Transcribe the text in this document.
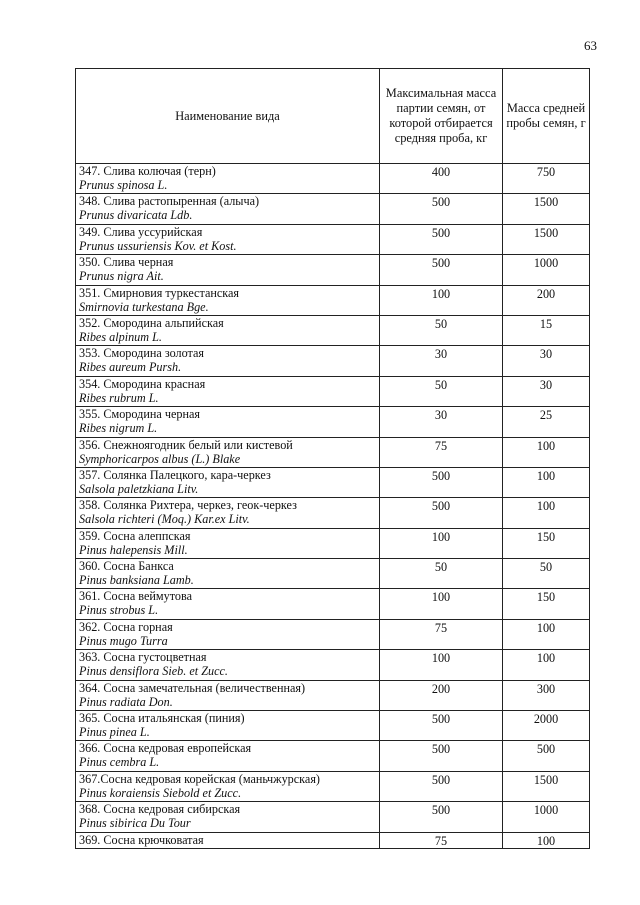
63
Наименование вида	Максимальная масса партии семян, от которой отбирается средняя проба, кг	Масса средней пробы семян, г

347. Слива колючая (терн)
Prunus spinosa L.	400	750

348. Слива растопыренная (алыча)
Prunus divaricata Ldb.	500	1500

349. Слива уссурийская
Prunus ussuriensis Kov. et Kost.	500	1500

350. Слива черная
Prunus nigra Ait.	500	1000

351. Смирновия туркестанская
Smirnovia turkestana Bge.	100	200

352. Смородина альпийская
Ribes alpinum L.	50	15

353. Смородина золотая
Ribes aureum Pursh.	30	30

354. Смородина красная
Ribes rubrum L.	50	30

355. Смородина черная
Ribes nigrum L.	30	25

356. Снежноягодник белый или кистевой
Symphoricarpos albus (L.) Blake	75	100

357. Солянка Палецкого, кара-черкез
Salsola paletzkiana Litv.	500	100

358. Солянка Рихтера, черкез, геок-черкез
Salsola richteri (Moq.) Kar.ex Litv.	500	100

359. Сосна алеппская
Pinus halepensis Mill.	100	150

360. Сосна Банкса
Pinus banksiana Lamb.	50	50

361. Сосна веймутова
Pinus strobus L.	100	150

362. Сосна горная
Pinus mugo Turra	75	100

363. Сосна густоцветная
Pinus densiflora Sieb. et Zucc.	100	100

364. Сосна замечательная (величественная)
Pinus radiata Don.	200	300

365. Сосна итальянская (пиния)
Pinus pinea L.	500	2000

366. Сосна кедровая европейская
Pinus cembra L.	500	500

367.Сосна кедровая корейская (маньчжурская)
Pinus koraiensis Siebold et Zucc.	500	1500

368. Сосна кедровая сибирская
Pinus sibirica Du Tour	500	1000

369. Сосна крючковатая	75	100
